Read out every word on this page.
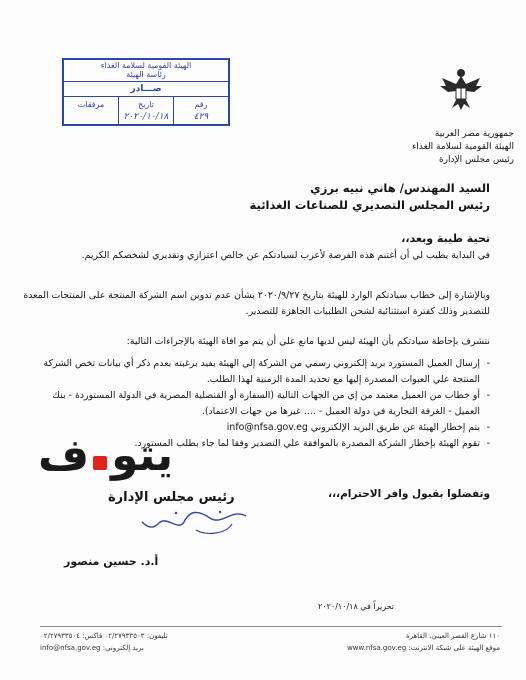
جمهورية مصر العربية
الهيئة القومية لسلامة الغذاء
رئيس مجلس الإدارة
الهيئة القومية لسلامة الغذاء
رئاسة الهيئة
صـــادر
رقم
٤٢٩
تاريخ
٢٠٢٠/١٠/١٨
مرفقات
السيد المهندس/ هاني نبيه برزي
رئيس المجلس التصديري للصناعات الغذائية
تحية طيبة وبعد،،
في البداية يطيب لي أن أغتنم هذه الفرصة لأعرب لسيادتكم عن خالص اعتزازي وتقديري لشخصكم الكريم.
وبالإشارة إلى خطاب سيادتكم الوارد للهيئة بتاريخ ٢٠٢٠/٩/٢٧ بشأن عدم تدوين اسم الشركة المنتجة على المنتجات المعدة للتصدير وذلك كفترة استثنائية لشحن الطلبيات الجاهزة للتصدير.
نتشرف بإحاطة سيادتكم بأن الهيئة ليس لديها مانع علي أن يتم مو افاة الهيئة بالإجراءات التالية:
- إرسال العميل المستورد بريد إلكتروني رسمي من الشركة إلي الهيئة يفيد برغبته بعدم ذكر أي بيانات تخص الشركة المنتجة علي العبوات المصدرة إليها مع تحديد المدة الزمنية لهذا الطلب.
- أو خطاب من العميل معتمد من إي من الجهات التالية (السفارة أو القنصلية المصرية في الدولة المستوردة - بنك العميل - الغرفة التجارية في دولة العميل - .... غيرها من جهات الاعتماد).
- يتم إخطار الهيئة عن طريق البريد الإلكتروني info@nfsa.gov.eg
- تقوم الهيئة بإخطار الشركة المصدرة بالموافقة علي التصدير وفقا لما جاء بطلب المستورد.
ف يتو
وتفضلوا بقبول وافر الاحترام،،،
رئيس مجلس الإدارة
أ.د. حسين منصور
تحريراً في ٢٠٢٠/١٠/١٨
١١٠ شارع القصر العيني، القاهرة
موقع الهيئة على شبكة الانترنت: www.nfsa.gov.eg
تليفون: ٠٢/٢٧٩٣٣٥٠٣ فاكس: ٠٢/٢٧٩٣٣٥٠٤
بريد إلكتروني: info@nfsa.gov.eg
